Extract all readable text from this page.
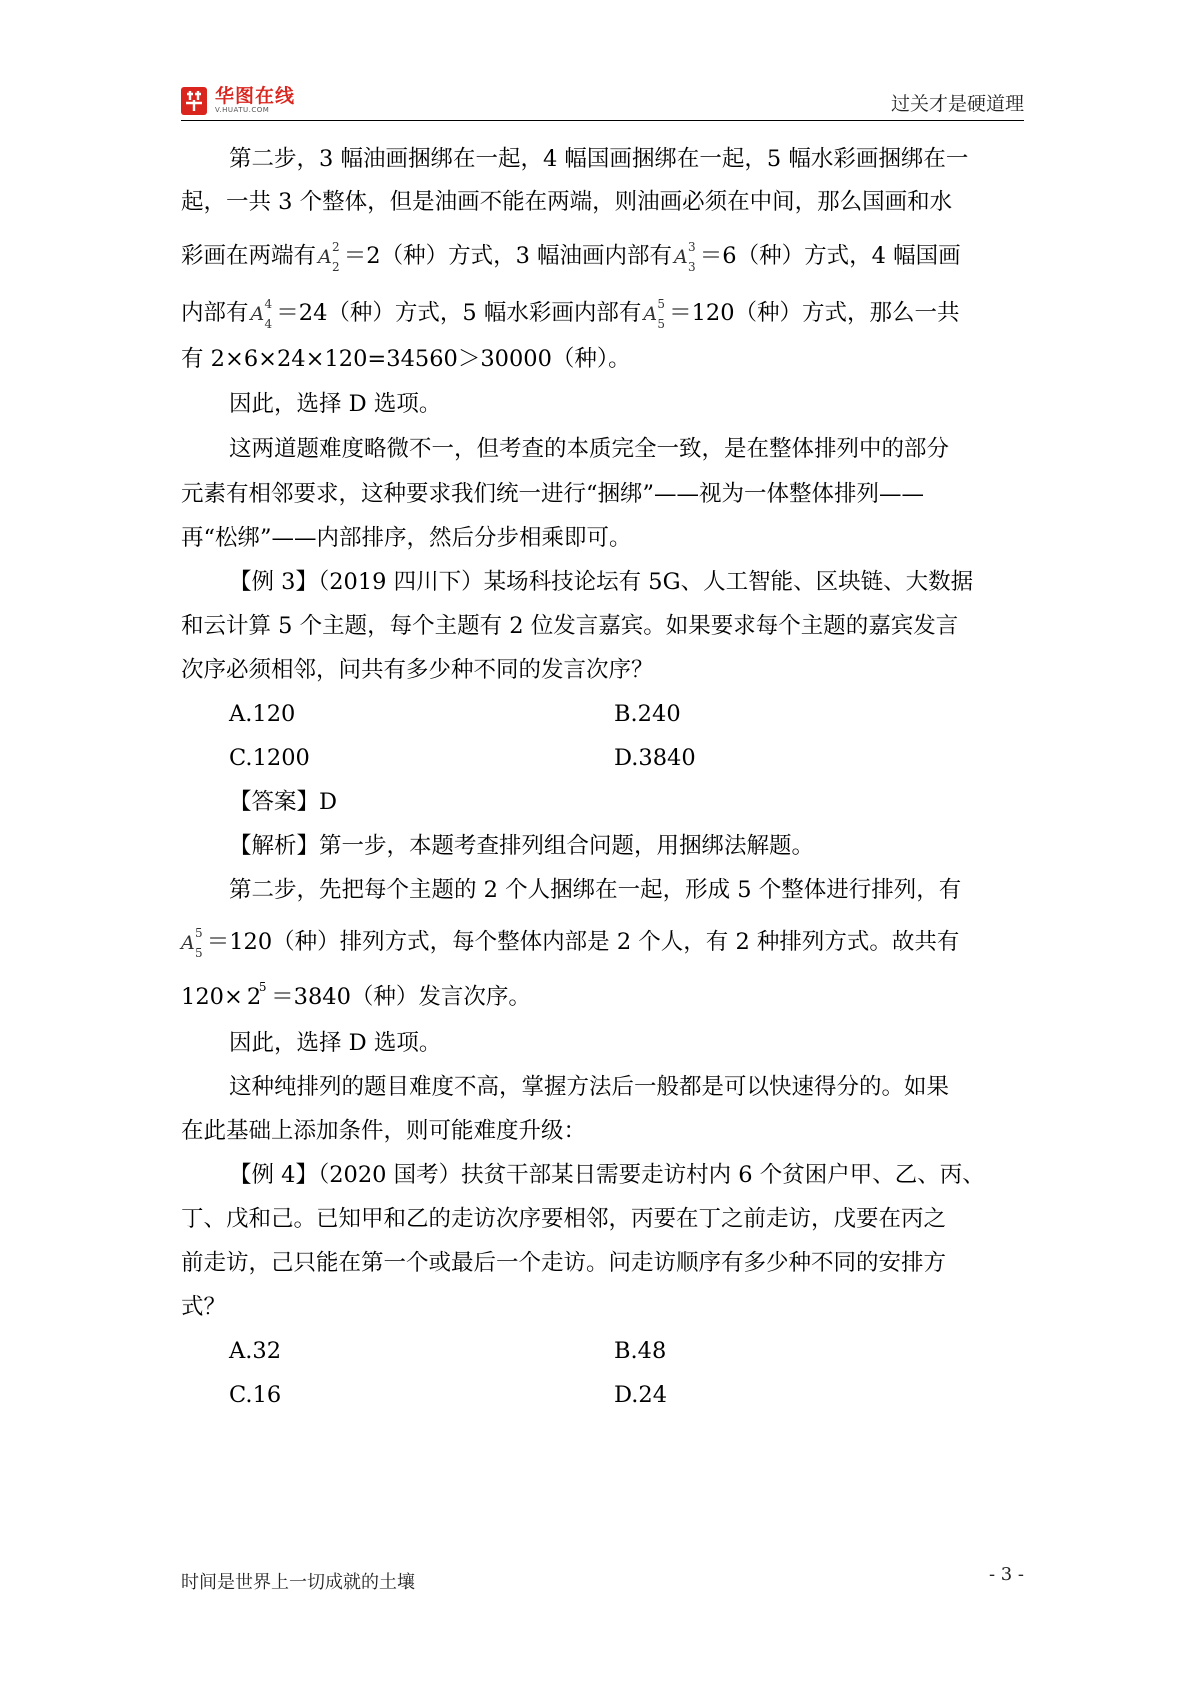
华图在线
V.HUATU.COM	过关才是硬道理
第二步，3 幅油画捆绑在一起，4 幅国画捆绑在一起，5 幅水彩画捆绑在一
起，一共 3 个整体，但是油画不能在两端，则油画必须在中间，那么国画和水
彩画在两端有 A 2
2 ＝2（种）方式，3 幅油画内部有 A 3
3 ＝6（种）方式，4 幅国画
内部有 A 4
4 ＝24（种）方式，5 幅水彩画内部有 A 5
5 ＝120（种）方式，那么一共
有 2×6×24×120=34560＞30000（种）。
因此，选择 D 选项。
这两道题难度略微不一，但考查的本质完全一致，是在整体排列中的部分
元素有相邻要求，这种要求我们统一进行“捆绑”——视为一体整体排列——
再“松绑”——内部排序，然后分步相乘即可。
【例 3】（2019 四川下）某场科技论坛有 5G、人工智能、区块链、大数据
和云计算 5 个主题，每个主题有 2 位发言嘉宾。如果要求每个主题的嘉宾发言
次序必须相邻，问共有多少种不同的发言次序？
A.120	B.240
C.1200	D.3840
【答案】D
【解析】第一步，本题考查排列组合问题，用捆绑法解题。
第二步，先把每个主题的 2 个人捆绑在一起，形成 5 个整体进行排列，有
A 5
5 ＝120（种）排列方式，每个整体内部是 2 个人，有 2 种排列方式。故共有
120× 2
5 ＝3840（种）发言次序。
因此，选择 D 选项。
这种纯排列的题目难度不高，掌握方法后一般都是可以快速得分的。如果
在此基础上添加条件，则可能难度升级：
【例 4】（2020 国考）扶贫干部某日需要走访村内 6 个贫困户甲、乙、丙、
丁、戊和己。已知甲和乙的走访次序要相邻，丙要在丁之前走访，戊要在丙之
前走访，己只能在第一个或最后一个走访。问走访顺序有多少种不同的安排方
式？
A.32	B.48
C.16	D.24
时间是世界上一切成就的土壤	- 3 -
